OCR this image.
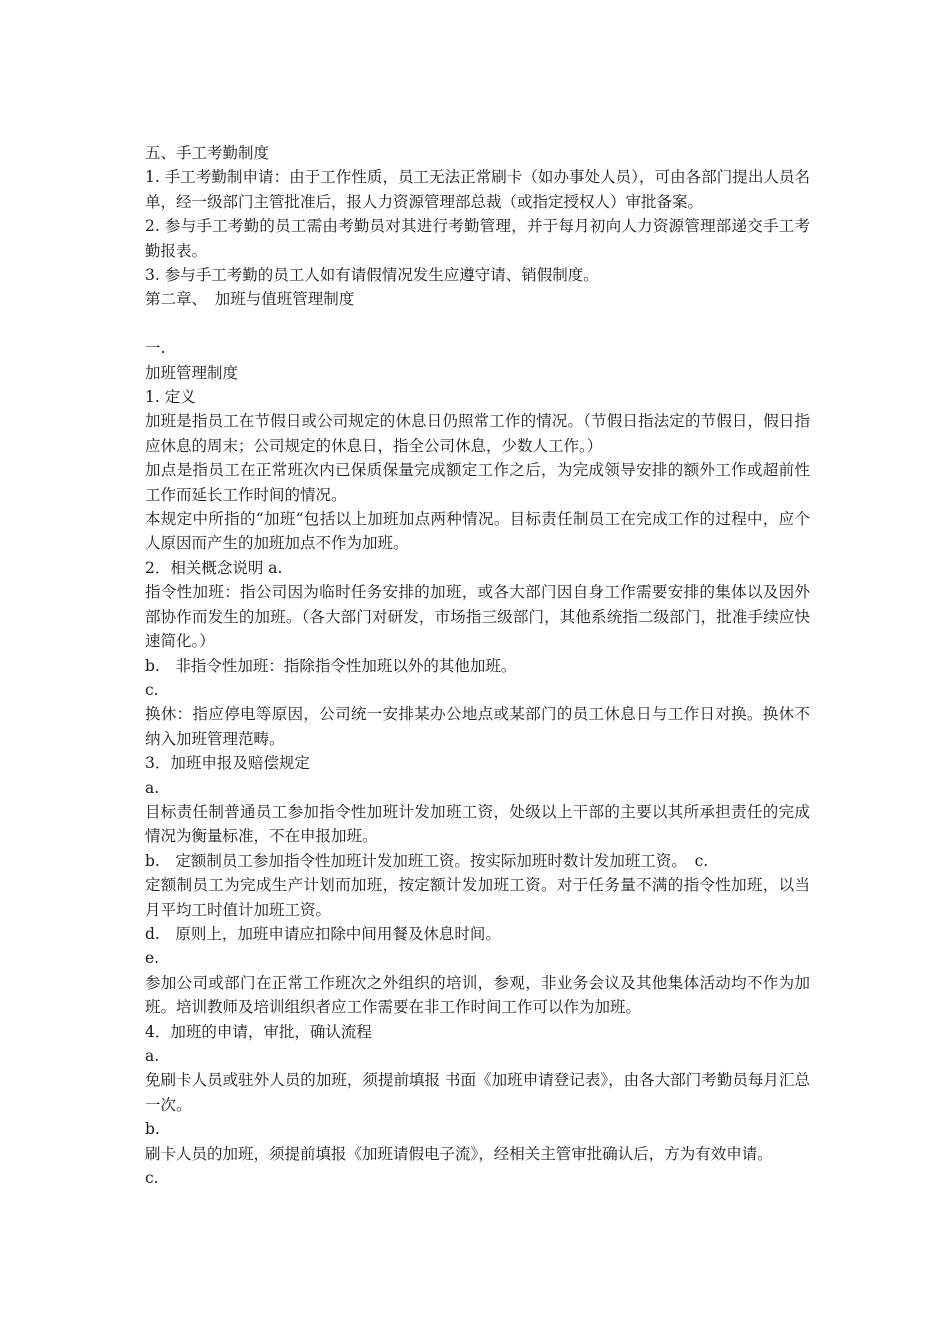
五、手工考勤制度

1. 手工考勤制申请：由于工作性质，员工无法正常刷卡（如办事处人员），可由各部门提出人员名单，经一级部门主管批准后，报人力资源管理部总裁（或指定授权人）审批备案。

2. 参与手工考勤的员工需由考勤员对其进行考勤管理，并于每月初向人力资源管理部递交手工考勤报表。

3. 参与手工考勤的员工人如有请假情况发生应遵守请、销假制度。

第二章、　加班与值班管理制度

一.

加班管理制度

1. 定义

加班是指员工在节假日或公司规定的休息日仍照常工作的情况。（节假日指法定的节假日，假日指应休息的周末；公司规定的休息日，指全公司休息，少数人工作。）

加点是指员工在正常班次内已保质保量完成额定工作之后，为完成领导安排的额外工作或超前性工作而延长工作时间的情况。

本规定中所指的“加班“包括以上加班加点两种情况。目标责任制员工在完成工作的过程中，应个人原因而产生的加班加点不作为加班。

2．相关概念说明 a.

指令性加班：指公司因为临时任务安排的加班，或各大部门因自身工作需要安排的集体以及因外部协作而发生的加班。（各大部门对研发，市场指三级部门，其他系统指二级部门，批准手续应快速简化。）

b.　非指令性加班：指除指令性加班以外的其他加班。

c.

换休：指应停电等原因，公司统一安排某办公地点或某部门的员工休息日与工作日对换。换休不纳入加班管理范畴。

3．加班申报及赔偿规定

a.

目标责任制普通员工参加指令性加班计发加班工资，处级以上干部的主要以其所承担责任的完成情况为衡量标准，不在申报加班。

b.　定额制员工参加指令性加班计发加班工资。按实际加班时数计发加班工资。　c.

定额制员工为完成生产计划而加班，按定额计发加班工资。对于任务量不满的指令性加班，以当月平均工时值计加班工资。

d.　原则上，加班申请应扣除中间用餐及休息时间。

e.

参加公司或部门在正常工作班次之外组织的培训，参观，非业务会议及其他集体活动均不作为加班。培训教师及培训组织者应工作需要在非工作时间工作可以作为加班。

4．加班的申请，审批，确认流程

a.

免刷卡人员或驻外人员的加班，须提前填报 书面《加班申请登记表》，由各大部门考勤员每月汇总一次。

b.

刷卡人员的加班，须提前填报《加班请假电子流》，经相关主管审批确认后，方为有效申请。

c.
